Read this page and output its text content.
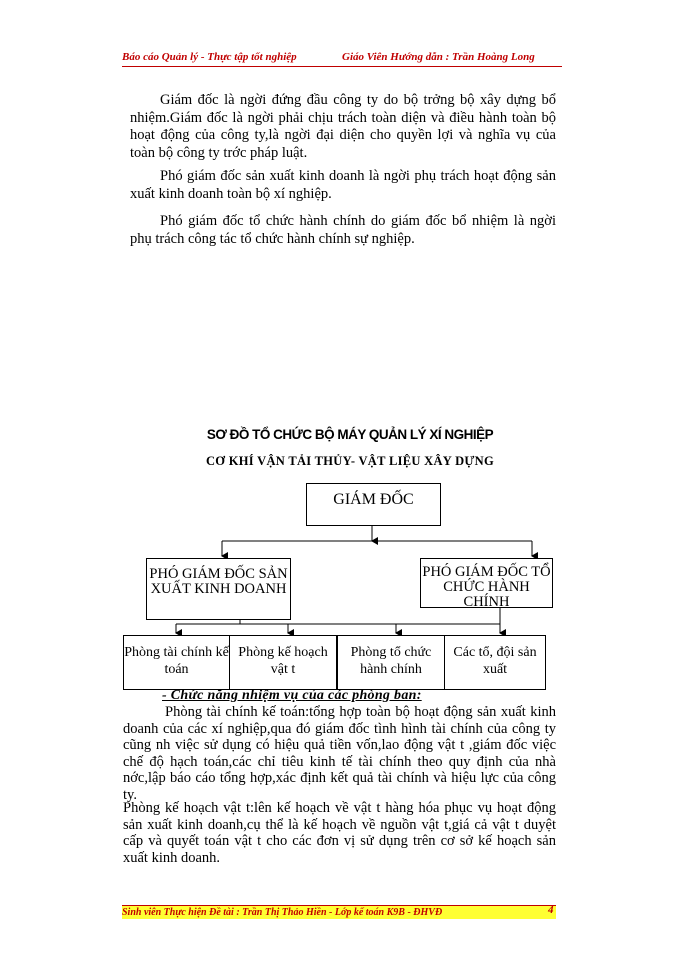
Báo cáo Quản lý - Thực tập tốt nghiệp	Giáo Viên Hướng dẫn : Trần Hoàng Long

Giám đốc là ngời đứng đầu công ty do bộ trởng bộ xây dựng bổ nhiệm.Giám đốc là ngời phải chịu trách toàn diện và điều hành toàn bộ hoạt động của công ty,là ngời đại diện cho quyền lợi và nghĩa vụ của toàn bộ công ty trớc pháp luật.

Phó giám đốc sản xuất kinh doanh là ngời phụ trách hoạt động sản xuất kinh doanh toàn bộ xí nghiệp.

Phó giám đốc tổ chức hành chính do giám đốc bổ nhiệm là ngời phụ trách công tác tổ chức hành chính sự nghiệp.

SƠ ĐỒ TỔ CHỨC BỘ MÁY QUẢN LÝ XÍ NGHIỆP
CƠ KHÍ VẬN TẢI THỦY- VẬT LIỆU XÂY DỰNG
GIÁM ĐỐC
PHÓ GIÁM ĐỐC SẢN XUẤT KINH DOANH
PHÓ GIÁM ĐỐC TỔ CHỨC HÀNH CHÍNH
Phòng tài chính kế toán
Phòng kế hoạch vật t
Phòng tổ chức hành chính
Các tổ, đội sản xuất
- Chức năng nhiệm vụ của các phòng ban:

Phòng tài chính kế toán:tổng hợp toàn bộ hoạt động sản xuất kinh doanh của các xí nghiệp,qua đó giám đốc tình hình tài chính của công ty cũng nh việc sử dụng có hiệu quả tiền vốn,lao động vật t ,giám đốc việc chế độ hạch toán,các chỉ tiêu kinh tế tài chính theo quy định của nhà nớc,lập báo cáo tổng hợp,xác định kết quả tài chính và hiệu lực của công ty.

Phòng kế hoạch vật t:lên kế hoạch về vật t hàng hóa phục vụ hoạt động sản xuất kinh doanh,cụ thể là kế hoạch về nguồn vật t,giá cả vật t duyệt cấp và quyết toán vật t cho các đơn vị sử dụng trên cơ sở kế hoạch sản xuất kinh doanh.

Sinh viên Thực hiện Đề tài : Trần Thị Thảo Hiền - Lớp kế toán K9B - ĐHVĐ	4
